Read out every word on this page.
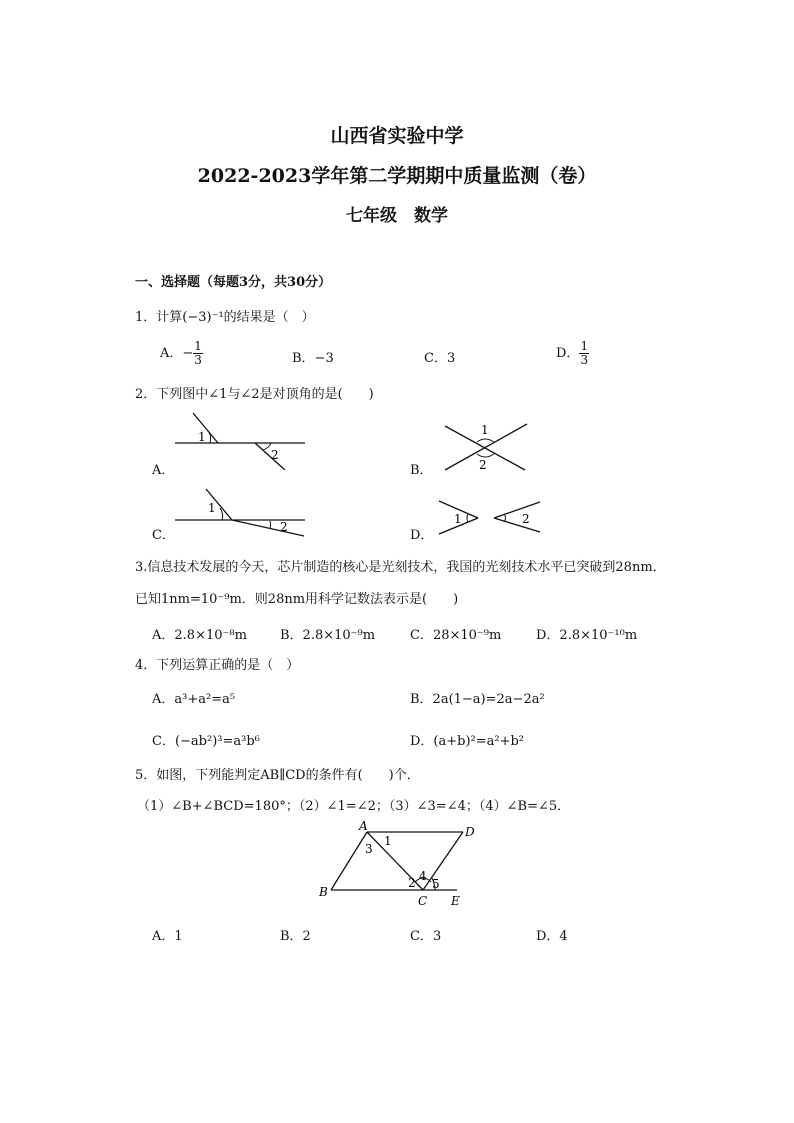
山西省实验中学
2022-2023学年第二学期期中质量监测（卷）
七年级　数学
一、选择题（每题3分，共30分）
1．计算(−3)⁻¹的结果是（　）
A．− $\frac{1}{3}$	B．−3	C．3	D． $\frac{1}{3}$
2．下列图中∠1与∠2是对顶角的是(　　)
A．
1
2
B．
1
2
C．
1
2
D．
1	2
3.信息技术发展的今天，芯片制造的核心是光刻技术，我国的光刻技术水平已突破到28nm．
已知1nm=10⁻⁹m．则28nm用科学记数法表示是(　　)
A．2.8×10⁻⁸m	B．2.8×10⁻⁹m	C．28×10⁻⁹m	D．2.8×10⁻¹⁰m
4．下列运算正确的是（　）
A．a³+a²=a⁵	B．2a(1−a)=2a−2a²
C．(−ab²)³=a³b⁶	D．(a+b)²=a²+b²
5．如图，下列能判定AB∥CD的条件有(　　)个．
（1）∠B+∠BCD=180°；（2）∠1=∠2；（3）∠3=∠4；（4）∠B=∠5．
A	D
B
C E
1
2
3
4
5
A．1	B．2	C．3	D．4
